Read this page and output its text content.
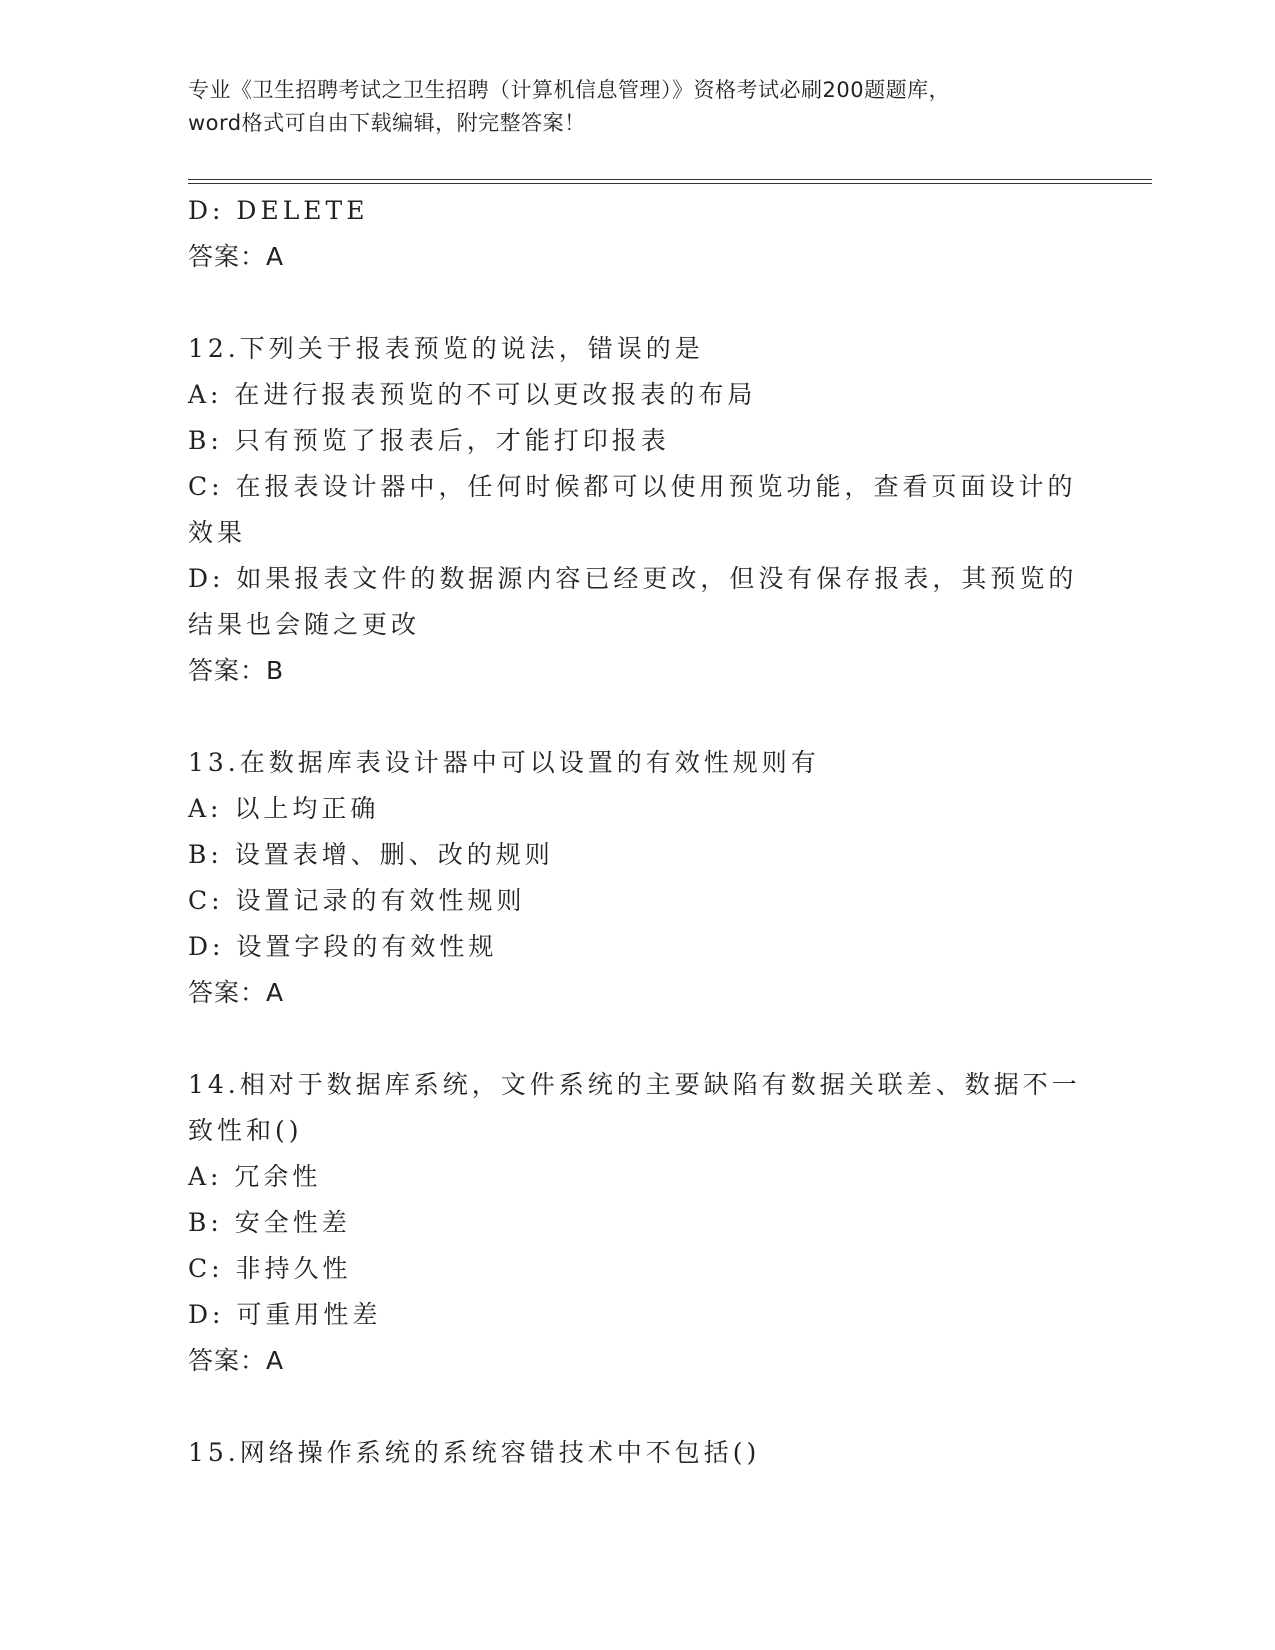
专业《卫生招聘考试之卫生招聘（计算机信息管理）》资格考试必刷200题题库，
word格式可自由下载编辑，附完整答案！
D: DELETE
答案：A
12.下列关于报表预览的说法，错误的是
A: 在进行报表预览的不可以更改报表的布局
B: 只有预览了报表后，才能打印报表
C: 在报表设计器中，任何时候都可以使用预览功能，查看页面设计的效果
D: 如果报表文件的数据源内容已经更改，但没有保存报表，其预览的结果也会随之更改
答案：B
13.在数据库表设计器中可以设置的有效性规则有
A: 以上均正确
B: 设置表增、删、改的规则
C: 设置记录的有效性规则
D: 设置字段的有效性规
答案：A
14.相对于数据库系统，文件系统的主要缺陷有数据关联差、数据不一致性和()
A: 冗余性
B: 安全性差
C: 非持久性
D: 可重用性差
答案：A
15.网络操作系统的系统容错技术中不包括()
